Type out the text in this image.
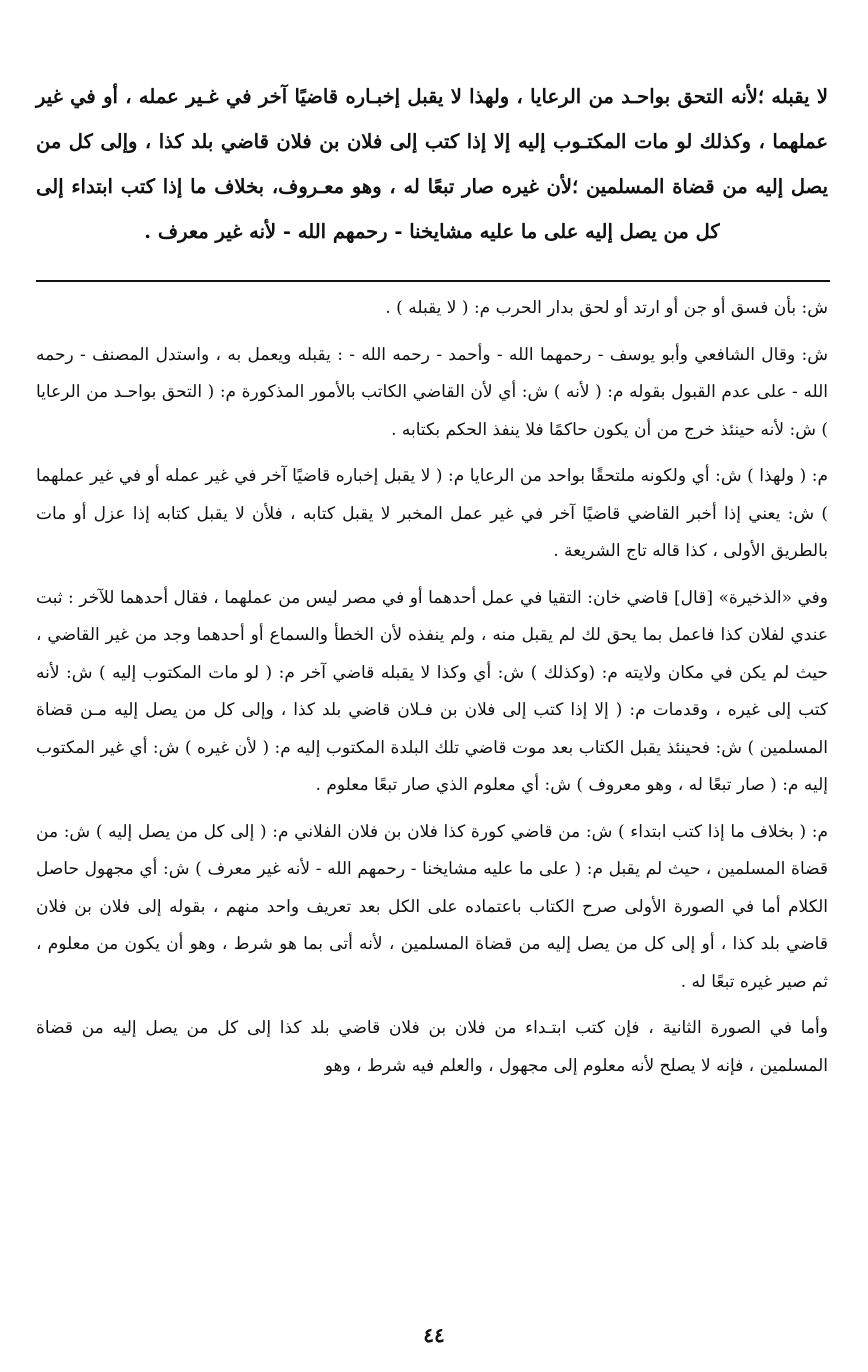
لا يقبله ؛لأنه التحق بواحـد من الرعايا ، ولهذا لا يقبل إخبـاره قاضيًا آخر في غـير عمله ، أو في غير عملهما ، وكذلك لو مات المكتـوب إليه إلا إذا كتب إلى فلان بن فلان قاضي بلد كذا ، وإلى كل من يصل إليه من قضاة المسلمين ؛لأن غيره صار تبعًا له ، وهو معـروف، بخلاف ما إذا كتب ابتداء إلى كل من يصل إليه على ما عليه مشايخنا - رحمهم الله - لأنه غير معرف .

ش: بأن فسق أو جن أو ارتد أو لحق بدار الحرب م: ( لا يقبله ) .

ش: وقال الشافعي وأبو يوسف - رحمهما الله - وأحمد - رحمه الله - : يقبله ويعمل به ، واستدل المصنف - رحمه الله - على عدم القبول بقوله م: ( لأنه ) ش: أي لأن القاضي الكاتب بالأمور المذكورة م: ( التحق بواحـد من الرعايا ) ش: لأنه حينئذ خرج من أن يكون حاكمًا فلا ينفذ الحكم بكتابه .

م: ( ولهذا ) ش: أي ولكونه ملتحقًا بواحد من الرعايا م: ( لا يقبل إخباره قاضيًا آخر في غير عمله أو في غير عملهما ) ش: يعني إذا أخبر القاضي قاضيًا آخر في غير عمل المخبر لا يقبل كتابه ، فلأن لا يقبل كتابه إذا عزل أو مات بالطريق الأولى ، كذا قاله تاج الشريعة .

وفي «الذخيرة» [قال] قاضي خان: التقيا في عمل أحدهما أو في مصر ليس من عملهما ، فقال أحدهما للآخر : ثبت عندي لفلان كذا فاعمل بما يحق لك لم يقبل منه ، ولم ينفذه لأن الخطأ والسماع أو أحدهما وجد من غير القاضي ، حيث لم يكن في مكان ولايته م: (وكذلك ) ش: أي وكذا لا يقبله قاضي آخر م: ( لو مات المكتوب إليه ) ش: لأنه كتب إلى غيره ، وقدمات م: ( إلا إذا كتب إلى فلان بن فـلان قاضي بلد كذا ، وإلى كل من يصل إليه مـن قضاة المسلمين ) ش: فحينئذ يقبل الكتاب بعد موت قاضي تلك البلدة المكتوب إليه م: ( لأن غيره ) ش: أي غير المكتوب إليه م: ( صار تبعًا له ، وهو معروف ) ش: أي معلوم الذي صار تبعًا معلوم .

م: ( بخلاف ما إذا كتب ابتداء ) ش: من قاضي كورة كذا فلان بن فلان الفلاني م: ( إلى كل من يصل إليه ) ش: من قضاة المسلمين ، حيث لم يقبل م: ( على ما عليه مشايخنا - رحمهم الله - لأنه غير معرف ) ش: أي مجهول حاصل الكلام أما في الصورة الأولى صرح الكتاب باعتماده على الكل بعد تعريف واحد منهم ، بقوله إلى فلان بن فلان قاضي بلد كذا ، أو إلى كل من يصل إليه من قضاة المسلمين ، لأنه أتى بما هو شرط ، وهو أن يكون من معلوم ، ثم صير غيره تبعًا له .

وأما في الصورة الثانية ، فإن كتب ابتـداء من فلان بن فلان قاضي بلد كذا إلى كل من يصل إليه من قضاة المسلمين ، فإنه لا يصلح لأنه معلوم إلى مجهول ، والعلم فيه شرط ، وهو

٤٤
